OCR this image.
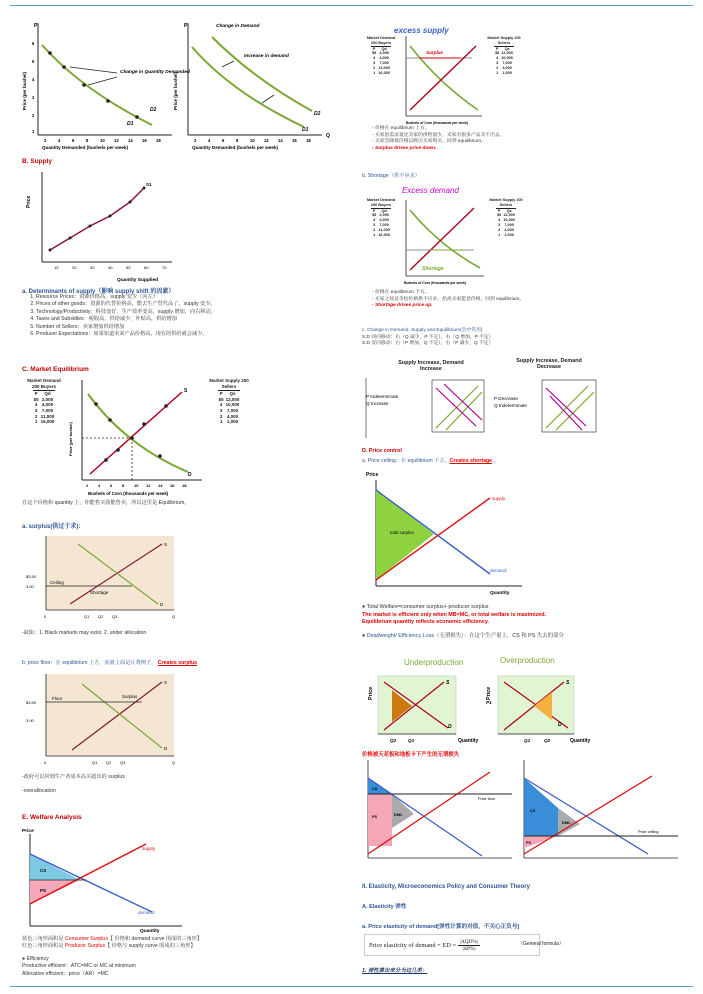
P
Price (per bushel)	Change in Quantity Demanded
D2
D1
2	4	6	8	10 12 14 16 18
6
5
4
3
2
1
Quantity Demanded (bushels per week)
P
Q
Price (per bushel)
Change in Demand
Increase in demand
D2
D1
2	4	6	8	10 12 14 16 18
Quantity Demanded (bushels per week)
B. Supply
Price
S1
10	20	30	40	50	60	70
Quantity Supplied
a. Determinants of supply（影响 supply shift 的因素）
1. Resource Prices：资源价格高，supply 变少（向左）
2. Prices of other goods：资源的代替价格高，能去生产替代品了，supply 变少。
3. Technology/Productivity：科技变好，生产效率变高，supply 增加，向右移动。
4. Taxes and Subsidies：税收高，供给减少，补贴高，供给增加
5. Number of Sellers：卖家增加供给增加
6. Producer Expectations：如果知道未来产品价格高，现在的供给就会减少。
C. Market Equilibrium
Market Demand 200 Buyers
P	Qd
$5	2,000
4	4,000
3	7,000
2	11,000
1	16,000
Price (per bushel)
S
D
2 4 6 8 10 12 14 16 18
Bushels of Corn (thousands per week)
Market Supply 200 Sellers
P	Qs
$5	12,000
4	10,000
3	7,000
2	4,000
1	1,000
在这个价格和 quantity 上，你能售买我能售卖，所以这里是 Equilibrium。
a. surplus(供过于求):
S
D
Ceiling
Shortage
$3.50
3.00
0	Q1 Q2 Q3	Q
-缺陷：1. Black markets may exist. 2. under allocation
b. price floor：在 equilibrium 上方，底就上面是让费例子。 Creates surplus
Floor	Surplus
S
D
$3.50
3.00
0	Q1 Q2 Q3	Q
-政府可以回到生产者成本高买超出的 surplus
-overallocation
E. Welfare Analysis
Price
CS
PS
supply
demand
Quantity
蓝色三角形面积是 Consumer Surplus【 价格和 demand curve 围成的三角形】
红色三角形面积是 Producer Surplus【 价格与 supply curve 围成的三角形】
● Efficiency
Productive efficient：ATC=MC or MC at minimum
Allocative efficient：price（AR）=MC
excess supply
Market Demand 200 Buyers
P	Qd
$5	2,000
4	4,000
3	7,000
2	11,000
1	16,000
Surplus
Bushels of Corn (thousands per week)
Market Supply 200 Sellers
P	Qs
$5	12,000
4	10,000
3	7,000
2	4,000
1	1,000
- 价格在 equilibrium 上方。
- 买家因需求量比卖家的供给量少，卖家有很多产品卖不出去。
- 卖家会降低价格以吸引买家购买，回到 equilibrium。
- Surplus drives price down.
b. Shortage（供不应求）
Excess demand
Market Demand 200 Buyers
P	Qd
$5	2,000
4	4,000
3	7,000
2	11,000
1	16,000
Shortage
Bushels of Corn (thousands per week)
Market Supply 200 Sellers
P	Qs
$5	12,000
4	10,000
3	7,000
2	4,000
1	1,000
- 价格在 equilibrium 下方。
- 买家之间竞争抬价格供不应求，抬高买家愿意价格，回到 equilibrium。
- Shortage drives price up.
c. Change in Demand, Supply and Equilibrium(会中常用)
S,D 同向移动：右（Q 减少，P 不定），右（Q 增加，P 不定）
S,D 反向移动：右（P 增加，Q 不定），右（P 减少，Q 不定）
Supply Increase, Demand Increase
Supply Increase, Demand Decrease
P Indeterminate
Q Increase
P Decrease
Q Indeterminate
D. Price control
a. Price ceiling：在 equilibrium 下方。Creates shortage
Price
total surplus
supply
demand
Quantity
● Total Welfare=consumer surplus+ producer surplus
The market is efficient only when MB=MC, or total welfare is maximized.
Equilibrium quantity reflects economic efficiency.
● Deadweight/ Efficiency Loss（无谓损失）：在这个生产量上，CS 和 PS 失去的部分
Underproduction	Overproduction
Price
S
D
Q2	Q1	Quantity
Price
P1
S
D
Q1	Q2	Quantity
价格被天花板和地板卡下产生的无谓损失
CS
PS	DWL
Price floor
CS
PS
DWL
Price ceiling
II. Elasticity, Microeconomics Policy and Consumer Theory
A. Elasticity 弹性
a. Price elasticity of demand[弹性计算的对值，不关心正负号]
Price elasticity of demand = ED = |ΔQD%|
|ΔP%|
（General formula）
1. 弹性算出来分为这几类：
